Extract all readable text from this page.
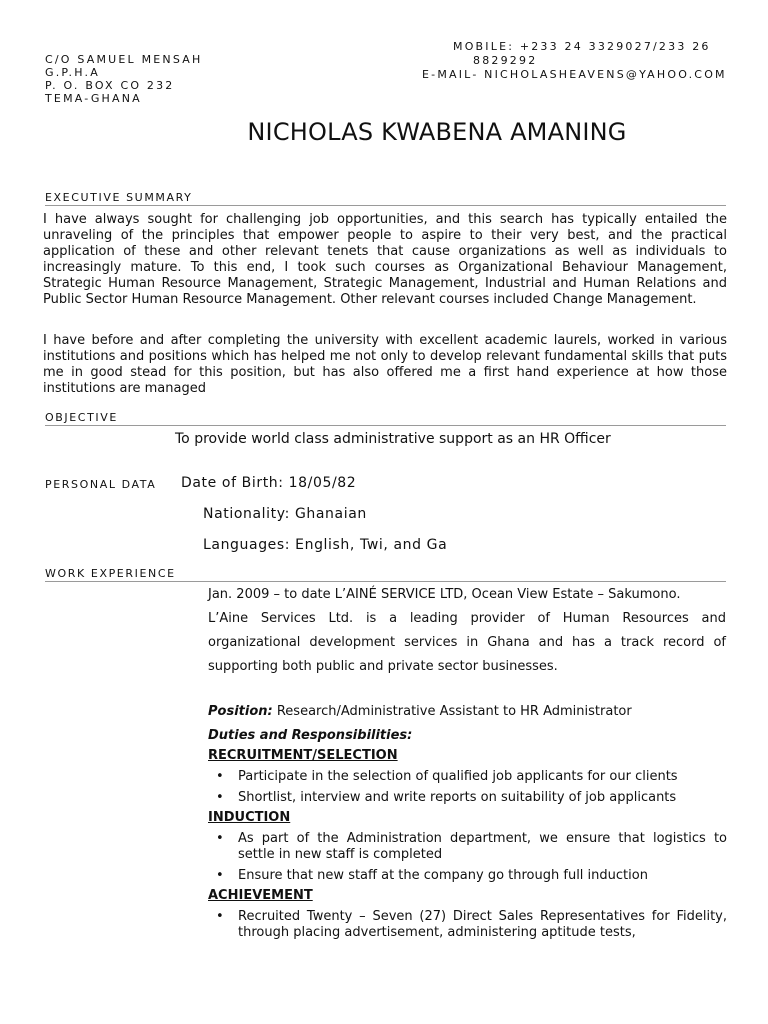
C/O SAMUEL MENSAH
G.P.H.A
P. O. BOX CO 232
TEMA-GHANA
MOBILE: +233 24 3329027/233 26
8829292
E-MAIL- NICHOLASHEAVENS@YAHOO.COM
NICHOLAS KWABENA AMANING
EXECUTIVE SUMMARY
I have always sought for challenging job opportunities, and this search has typically entailed the unraveling of the principles that empower people to aspire to their very best, and the practical application of these and other relevant tenets that cause organizations as well as individuals to increasingly mature. To this end, I took such courses as Organizational Behaviour Management, Strategic Human Resource Management, Strategic Management, Industrial and Human Relations and Public Sector Human Resource Management. Other relevant courses included Change Management.
I have before and after completing the university with excellent academic laurels, worked in various institutions and positions which has helped me not only to develop relevant fundamental skills that puts me in good stead for this position, but has also offered me a first hand experience at how those institutions are managed
OBJECTIVE
To provide world class administrative support as an HR Officer
PERSONAL DATA Date of Birth: 18/05/82
Nationality: Ghanaian
Languages: English, Twi, and Ga
WORK EXPERIENCE
Jan. 2009 – to date L’AINÉ SERVICE LTD, Ocean View Estate – Sakumono.
L’Aine Services Ltd. is a leading provider of Human Resources and organizational development services in Ghana and has a track record of supporting both public and private sector businesses.
Position: Research/Administrative Assistant to HR Administrator
Duties and Responsibilities:
RECRUITMENT/SELECTION
• Participate in the selection of qualified job applicants for our clients
• Shortlist, interview and write reports on suitability of job applicants
INDUCTION
• As part of the Administration department, we ensure that logistics to settle in new staff is completed
• Ensure that new staff at the company go through full induction
ACHIEVEMENT
• Recruited Twenty – Seven (27) Direct Sales Representatives for Fidelity, through placing advertisement, administering aptitude tests,
